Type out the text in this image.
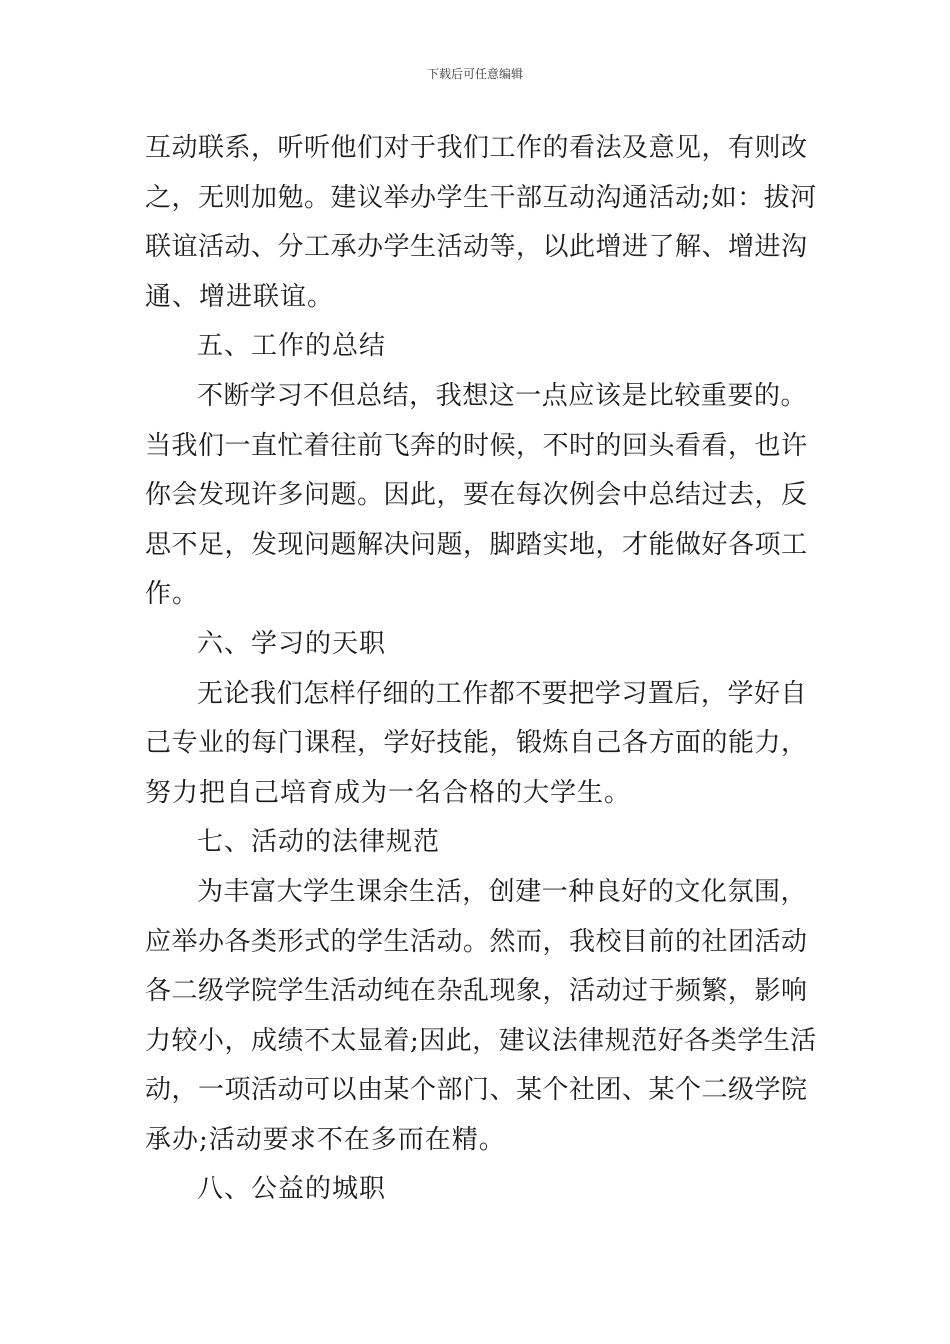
下载后可任意编辑
互动联系，听听他们对于我们工作的看法及意见，有则改
之，无则加勉。建议举办学生干部互动沟通活动;如：拔河
联谊活动、分工承办学生活动等，以此增进了解、增进沟
通、增进联谊。
五、工作的总结
不断学习不但总结，我想这一点应该是比较重要的。
当我们一直忙着往前飞奔的时候，不时的回头看看，也许
你会发现许多问题。因此，要在每次例会中总结过去，反
思不足，发现问题解决问题，脚踏实地，才能做好各项工
作。
六、学习的天职
无论我们怎样仔细的工作都不要把学习置后，学好自
己专业的每门课程，学好技能，锻炼自己各方面的能力，
努力把自己培育成为一名合格的大学生。
七、活动的法律规范
为丰富大学生课余生活，创建一种良好的文化氛围，
应举办各类形式的学生活动。然而，我校目前的社团活动
各二级学院学生活动纯在杂乱现象，活动过于频繁，影响
力较小，成绩不太显着;因此，建议法律规范好各类学生活
动，一项活动可以由某个部门、某个社团、某个二级学院
承办;活动要求不在多而在精。
八、公益的城职
